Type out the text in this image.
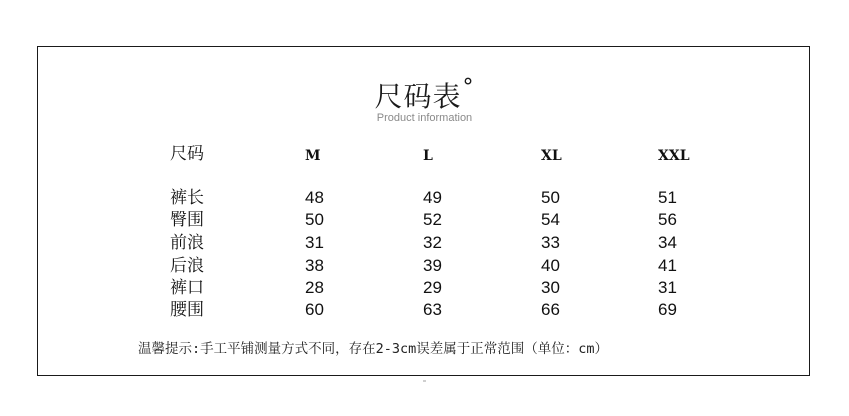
尺码表°
Product information
尺码	M	L	XL	XXL
裤长	48	49	50	51
臀围	50	52	54	56
前浪	31	32	33	34
后浪	38	39	40	41
裤口	28	29	30	31
腰围	60	63	66	69
温馨提示:手工平铺测量方式不同，存在2-3cm误差属于正常范围（单位：cm）
